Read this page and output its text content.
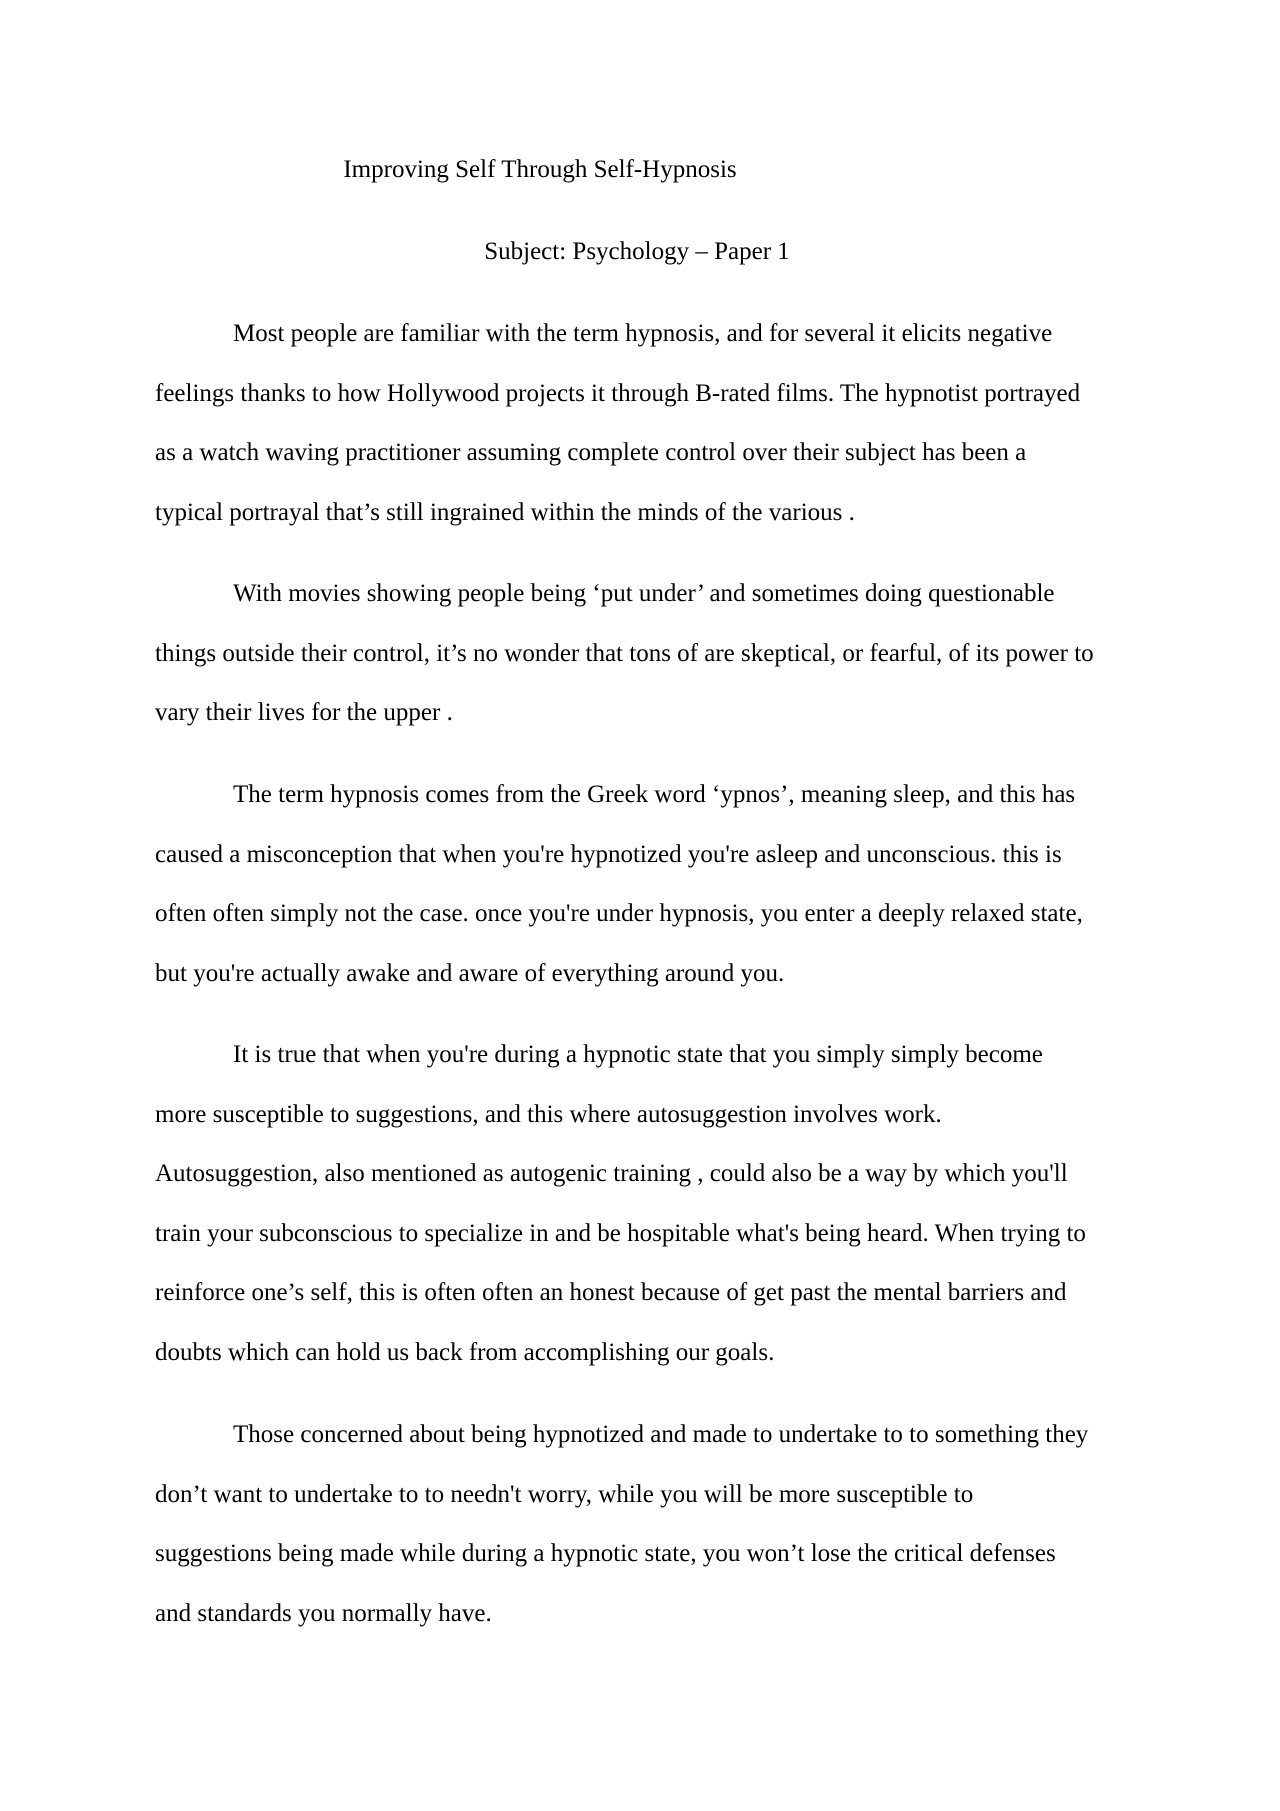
Improving Self Through Self-Hypnosis
Subject: Psychology – Paper 1
Most people are familiar with the term hypnosis, and for several it elicits negative
feelings thanks to how Hollywood projects it through B-rated films. The hypnotist portrayed
as a watch waving practitioner assuming complete control over their subject has been a
typical portrayal that’s still ingrained within the minds of the various .
With movies showing people being ‘put under’ and sometimes doing questionable
things outside their control, it’s no wonder that tons of are skeptical, or fearful, of its power to
vary their lives for the upper .
The term hypnosis comes from the Greek word ‘ypnos’, meaning sleep, and this has
caused a misconception that when you're hypnotized you're asleep and unconscious. this is
often often simply not the case. once you're under hypnosis, you enter a deeply relaxed state,
but you're actually awake and aware of everything around you.
It is true that when you're during a hypnotic state that you simply simply become
more susceptible to suggestions, and this where autosuggestion involves work.
Autosuggestion, also mentioned as autogenic training , could also be a way by which you'll
train your subconscious to specialize in and be hospitable what's being heard. When trying to
reinforce one’s self, this is often often an honest because of get past the mental barriers and
doubts which can hold us back from accomplishing our goals.
Those concerned about being hypnotized and made to undertake to to something they
don’t want to undertake to to needn't worry, while you will be more susceptible to
suggestions being made while during a hypnotic state, you won’t lose the critical defenses
and standards you normally have.
